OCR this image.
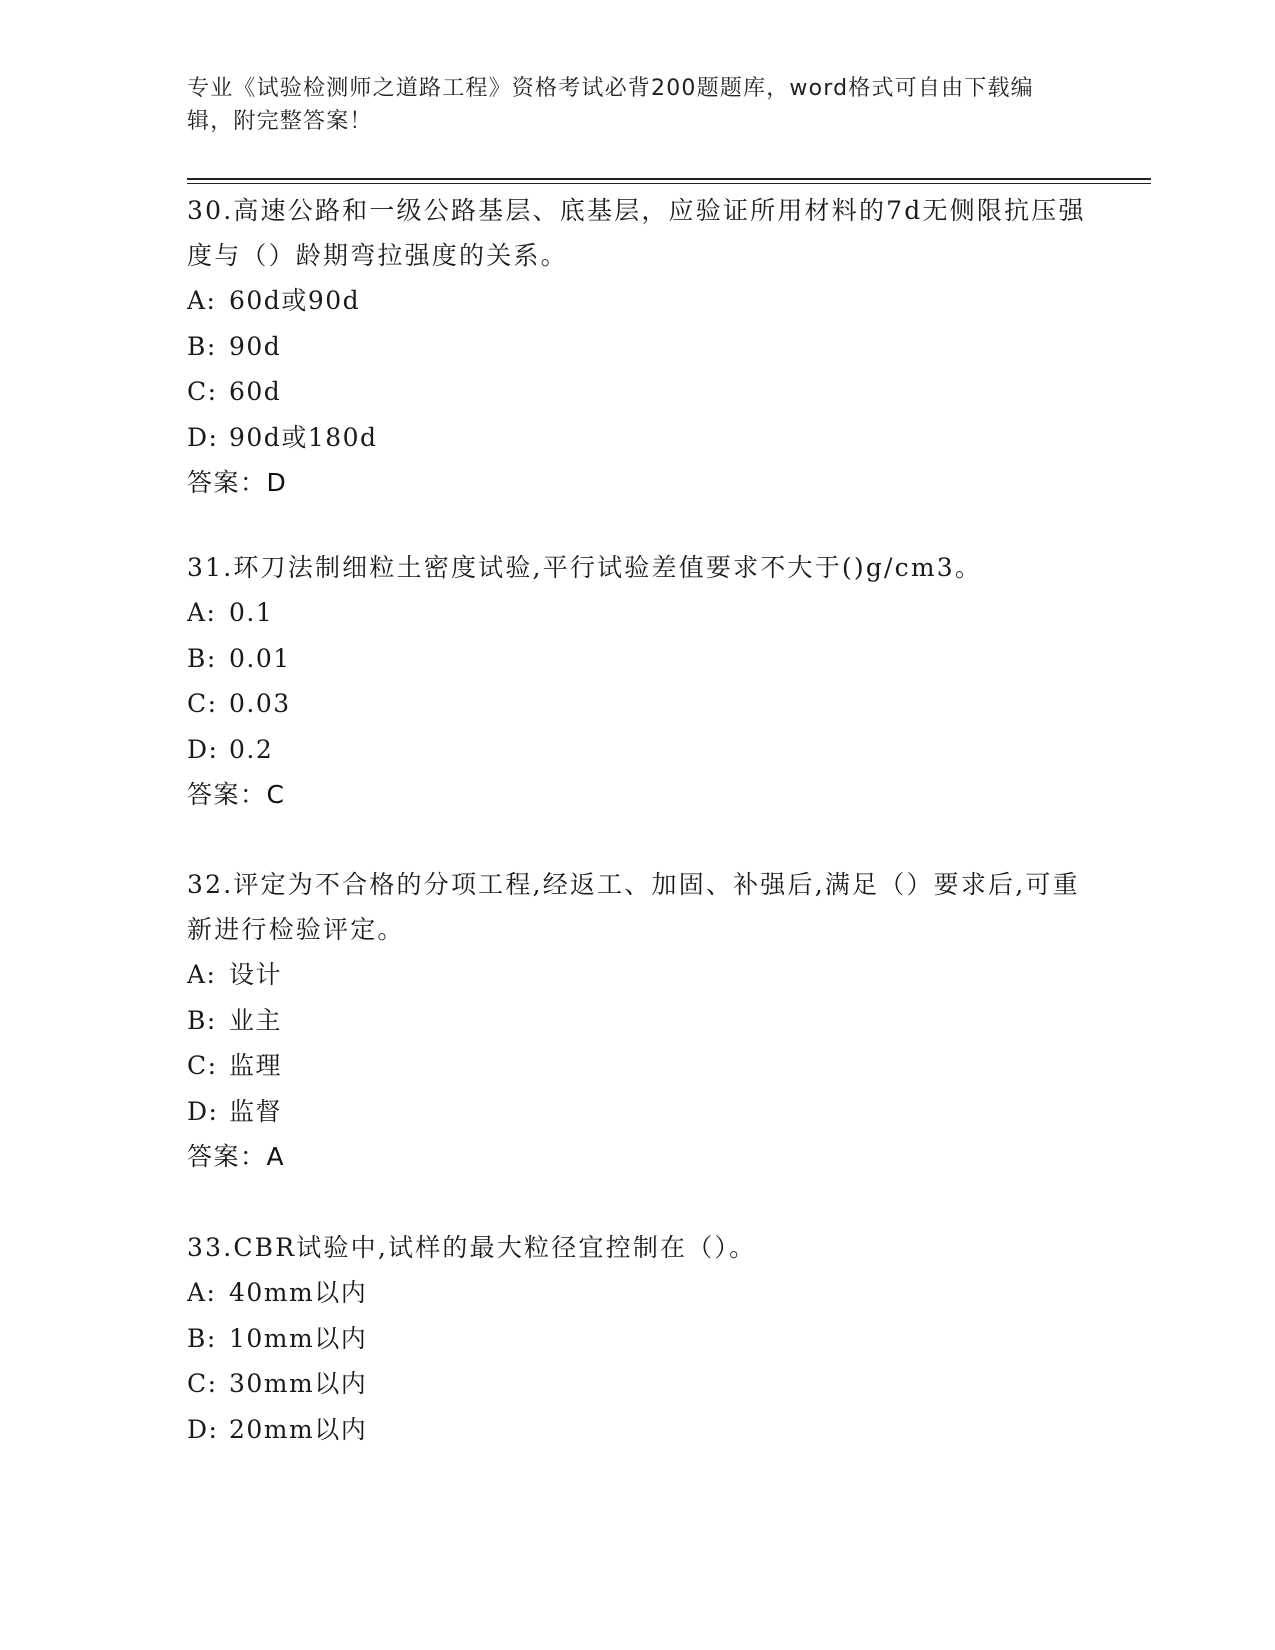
专业《试验检测师之道路工程》资格考试必背200题题库，word格式可自由下载编辑，附完整答案！

30.高速公路和一级公路基层、底基层，应验证所用材料的7d无侧限抗压强度与（）龄期弯拉强度的关系。

A: 60d或90d

B: 90d

C: 60d

D: 90d或180d

答案：D

31.环刀法制细粒土密度试验,平行试验差值要求不大于()g/cm3。

A: 0.1

B: 0.01

C: 0.03

D: 0.2

答案：C

32.评定为不合格的分项工程,经返工、加固、补强后,满足（）要求后,可重新进行检验评定。

A: 设计

B: 业主

C: 监理

D: 监督

答案：A

33.CBR试验中,试样的最大粒径宜控制在（）。

A: 40mm以内

B: 10mm以内

C: 30mm以内

D: 20mm以内
